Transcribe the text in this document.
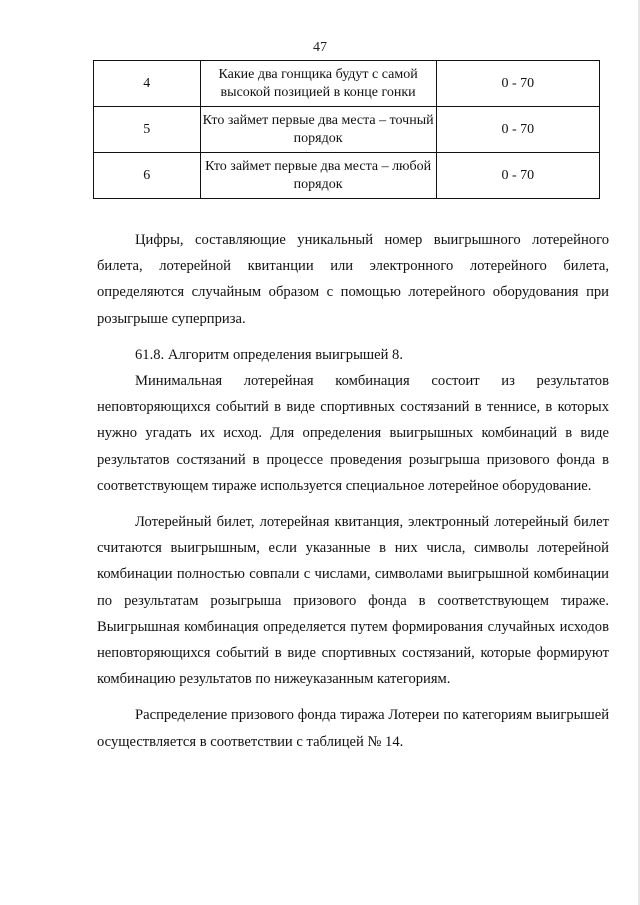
47
4	Какие два гонщика будут с самой высокой позицией в конце гонки	0 - 70
5	Кто займет первые два места – точный порядок	0 - 70
6	Кто займет первые два места – любой порядок	0 - 70

Цифры, составляющие уникальный номер выигрышного лотерейного билета, лотерейной квитанции или электронного лотерейного билета, определяются случайным образом с помощью лотерейного оборудования при розыгрыше суперприза.

61.8. Алгоритм определения выигрышей 8.

Минимальная лотерейная комбинация состоит из результатов неповторяющихся событий в виде спортивных состязаний в теннисе, в которых нужно угадать их исход. Для определения выигрышных комбинаций в виде результатов состязаний в процессе проведения розыгрыша призового фонда в соответствующем тираже используется специальное лотерейное оборудование.

Лотерейный билет, лотерейная квитанция, электронный лотерейный билет считаются выигрышным, если указанные в них числа, символы лотерейной комбинации полностью совпали с числами, символами выигрышной комбинации по результатам розыгрыша призового фонда в соответствующем тираже. Выигрышная комбинация определяется путем формирования случайных исходов неповторяющихся событий в виде спортивных состязаний, которые формируют комбинацию результатов по нижеуказанным категориям.

Распределение призового фонда тиража Лотереи по категориям выигрышей осуществляется в соответствии с таблицей № 14.
